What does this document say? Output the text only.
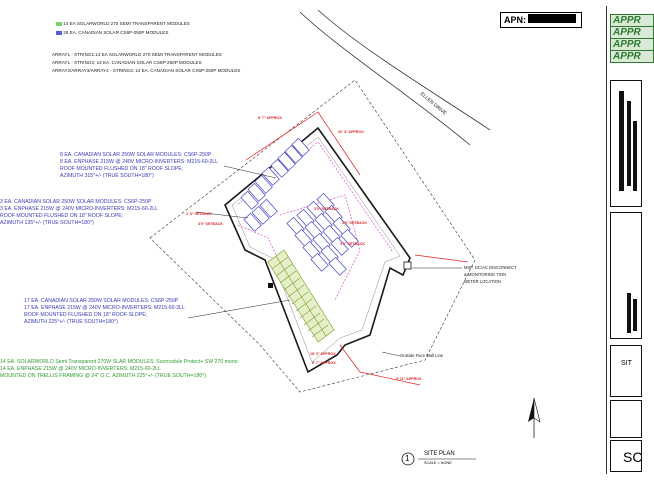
APN:
14 EA SOLARWORLD 270 SEMI TRANSPARENT MODULES
28 EA. CANADIAN SOLAR CS6P-250P MODULES
ARRAY1 - STRING1:14 EA SOLARWORLD 270 SEMI TRANSPARENT MODULES
ARRAY1 - STRING2: 14 EA. CANADIAN SOLAR CS6P-250P MODULES
ARRAY2/ARRAY3/ARRAY4 - STRING3: 14 EA. CANADIAN SOLAR CS6P-250P MODULES
ELLEN DRIVE
8 EA. CANADIAN SOLAR 250W SOLAR MODULES: CS6P-250P
8 EA. ENPHASE 215W @ 240V MICRO-INVERTERS: M215-60-2LL
ROOF MOUNTED FLUSHED ON 18" ROOF SLOPE;
AZIMUTH 315°+/- (TRUE SOUTH=180°)
3 EA. CANADIAN SOLAR 250W SOLAR MODULES: CS6P-250P
3 EA. ENPHASE 215W @ 240V MICRO-INVERTERS: M215-60-2LL
ROOF MOUNTED FLUSHED ON 18" ROOF SLOPE;
AZIMUTH 135°+/- (TRUE SOUTH=180°)
17 EA. CANADIAN SOLAR 250W SOLAR MODULES: CS6P-250P
17 EA. ENPHASE 215W @ 240V MICRO-INVERTERS: M215-60-2LL
ROOF MOUNTED FLUSHED ON 18" ROOF SLOPE;
AZIMUTH 225°+/- (TRUE SOUTH=180°)
14 EA. SOLARWORLD Semi Transparent 270W SLAR MODULES: Sunmodule Protect+ SW 270 mono
14 EA. ENPHASE 215W @ 240V MICRO-INVERTERS: M215-60-2LL
MOUNTED ON TRELLIS FRAMING @ 24" O.C. AZIMUTH 225°+/- (TRUE SOUTH=180°)
MSP, DC/AC DISCONNECT
& MONITORING TION
METER LOCATION
Outside Face Wall Line
8' 7" APPROX.
20' 3" APPROX.
18' 3" APPROX.
8' 7" APPROX.
5' 11" APPROX.
3'0" SETBACK
3'0" SETBACK
3'0" SETBACK
1' 6" SETBACK
3'0" SETBACK
1 SITE PLAN
SCALE = NONE
APPR
APPR
APPR
APPR
SIT
SC
